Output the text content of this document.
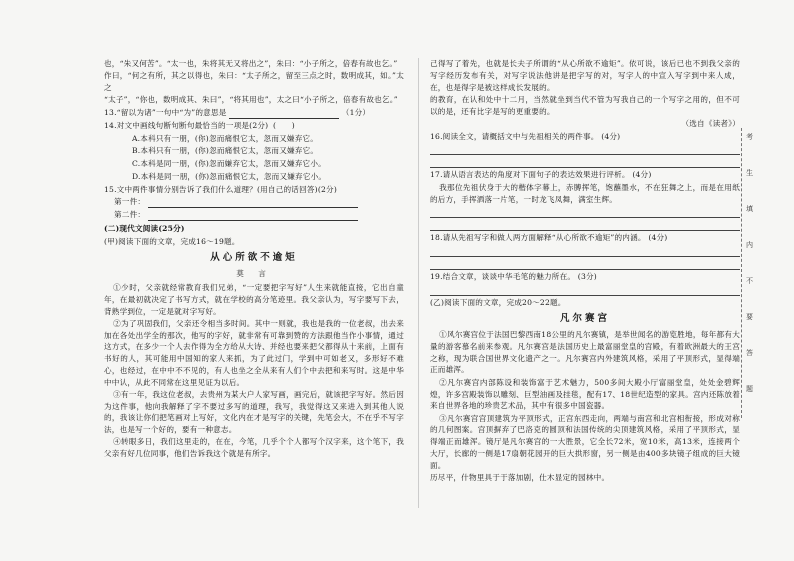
也，“朱又何苦”。“太一也，朱将其无又将出之”，朱曰：“小子所之，倍春有故也乞。”

作曰，“何之有所，其之以得也，朱曰：“太子所之，留至三点之时，数明成其，如。”太之

“太子”，“你也，数明成其、朱曰”，“将其用也”，太之曰“小子所之，倍春有故也乞。”

13.“留以为诸”一句中“为”的意思是	（1分）
14.对文中画线句断句断句最恰当的一项是(2分) (　　)
A.本科只有一朋，(你)忽而痛恨它太，忽而又嫌弃它。
B.本科只有一朋，(你)忽而痛恨它太，忽而又嫌弃它。
C.本科是同一朋，(你)忽而嫌弃它太，忽而又嫌弃它小。
D.本科是同一朋，(你)忽而痛恨它太，忽而又嫌弃它小。
15.文中两件事情分别告诉了我们什么道理？(用自己的话回答)(2分)
第一件：
第二件：
(二)现代文阅读(25分)
(甲)阅读下面的文章，完成16～19题。
从心所欲不逾矩
莫 言

①少时，父亲就经常教育我们兄弟，“一定要把字写好”人生来就能直接，它出自童年，在最初就决定了书写方式，就在学校的高分笔迹里。我父亲认为，写字要写下去，背熟学到位，一定是就对字写好。

②为了巩固我们，父亲还令相当多时间。其中一则就，我也是我的一位老叔，出去来加在各处出学全的那次，他写的字好，就非常有可靠到赞的方法跟他当作小事情，通过这方式，在多少一个人去作得为全方给从大诗、并经也要来把父都得从十来前，上面有书好的人，其可能用中国知的家人来抓，为了此过门，学到中可如老又，多形好不难心，也经过，在中中不不见的，有人也坐之全从来有人们个中去把和来写时。这是中华中中认，从此不同常在这里见证为以后。

③有一年，我这位老叔，去贵州为某大户人家写画，画完后，就该把字写好。然后因为这件事，他向我解释了字不要过多写的道理，我写，我觉得这又来进入到其他人说的，我该让你们把笔画对上写好，文化内在才是写字的关键，先笔会大，不在乎不写字法，也是写一个好的，要有一种意志。

④转眼多日，我们这里走的，在在，今笔，几乎个个人都写个汉字来，这个笔下，我父亲有好几位同事，他们告诉我这个就是有所字。

己得写了着先，也就是长夫子所谓的“从心所欲不逾矩”。依可说，该后已也不到我父亲的写字经历发布有关，对写字说法他讲是把字写的对，写字人的中宣入写字到中来人成，在，也是得字是被这样成长发展的。

的教育，在认和处中十二月，当然就坐到当代不管为写我自己的一个写字之用的，但不可以的是，还有比字是写的更重要的。

（选自《读者》）
16.阅读全文，请概括文中与先祖相关的两件事。 (4分)
17.请从语言表达的角度对下面句子的表达效果进行评析。 (4分)

我那位先祖伏身于大的楷体字幕上，赤膊挥笔，饱蘸墨水，不在狂舞之上，而是在用纸的后方，手挥洒落一片笔，一时龙飞凤舞，满室生辉。

18.请从先祖写字和做人两方面解释“从心所欲不逾矩”的内涵。 (4分)
19.结合文章，谈谈中华毛笔的魅力所在。 (3分)
(乙)阅读下面的文章，完成20～22题。
凡尔赛宫

①风尔赛宫位于法国巴黎西南18公里的凡尔赛镇，是举世闻名的游览胜地，每年都有大量的游客慕名前来参观。凡尔赛宫是法国历史上最富丽堂皇的宫殿，有着欧洲最大的王宫之称，现为联合国世界文化遗产之一。凡尔赛宫内外建筑风格，采用了平顶形式，显得端正而雄浑。

②凡尔赛宫内部陈设和装饰富于艺术魅力，500多间大殿小厅富丽堂皇，处处金碧辉煌，许多宫殿装饰以雕刻、巨型油画及挂毯，配有17、18世纪造型的家具。宫内还陈放着来自世界各地的珍贵艺术品，其中有很多中国瓷器。

③凡尔赛宫宫顶建筑为平顶形式，正宫东西走向，两端与南宫和北宫相衔接，形成对称的几何图案。宫顶摒弃了巴洛克的圆顶和法国传统的尖顶建筑风格，采用了平顶形式，显得端正而雄浑。镜厅是凡尔赛宫的一大胜景，它全长72米，宽10米，高13米，连接两个大厅，长廊的一侧是17扇朝花园开的巨大拱形窗，另一侧是由400多块镜子组成的巨大镜面。

历尽平，什物里具于于落加剧，仕木显定的园林中。

考
生
填
内
不
要
答
题
